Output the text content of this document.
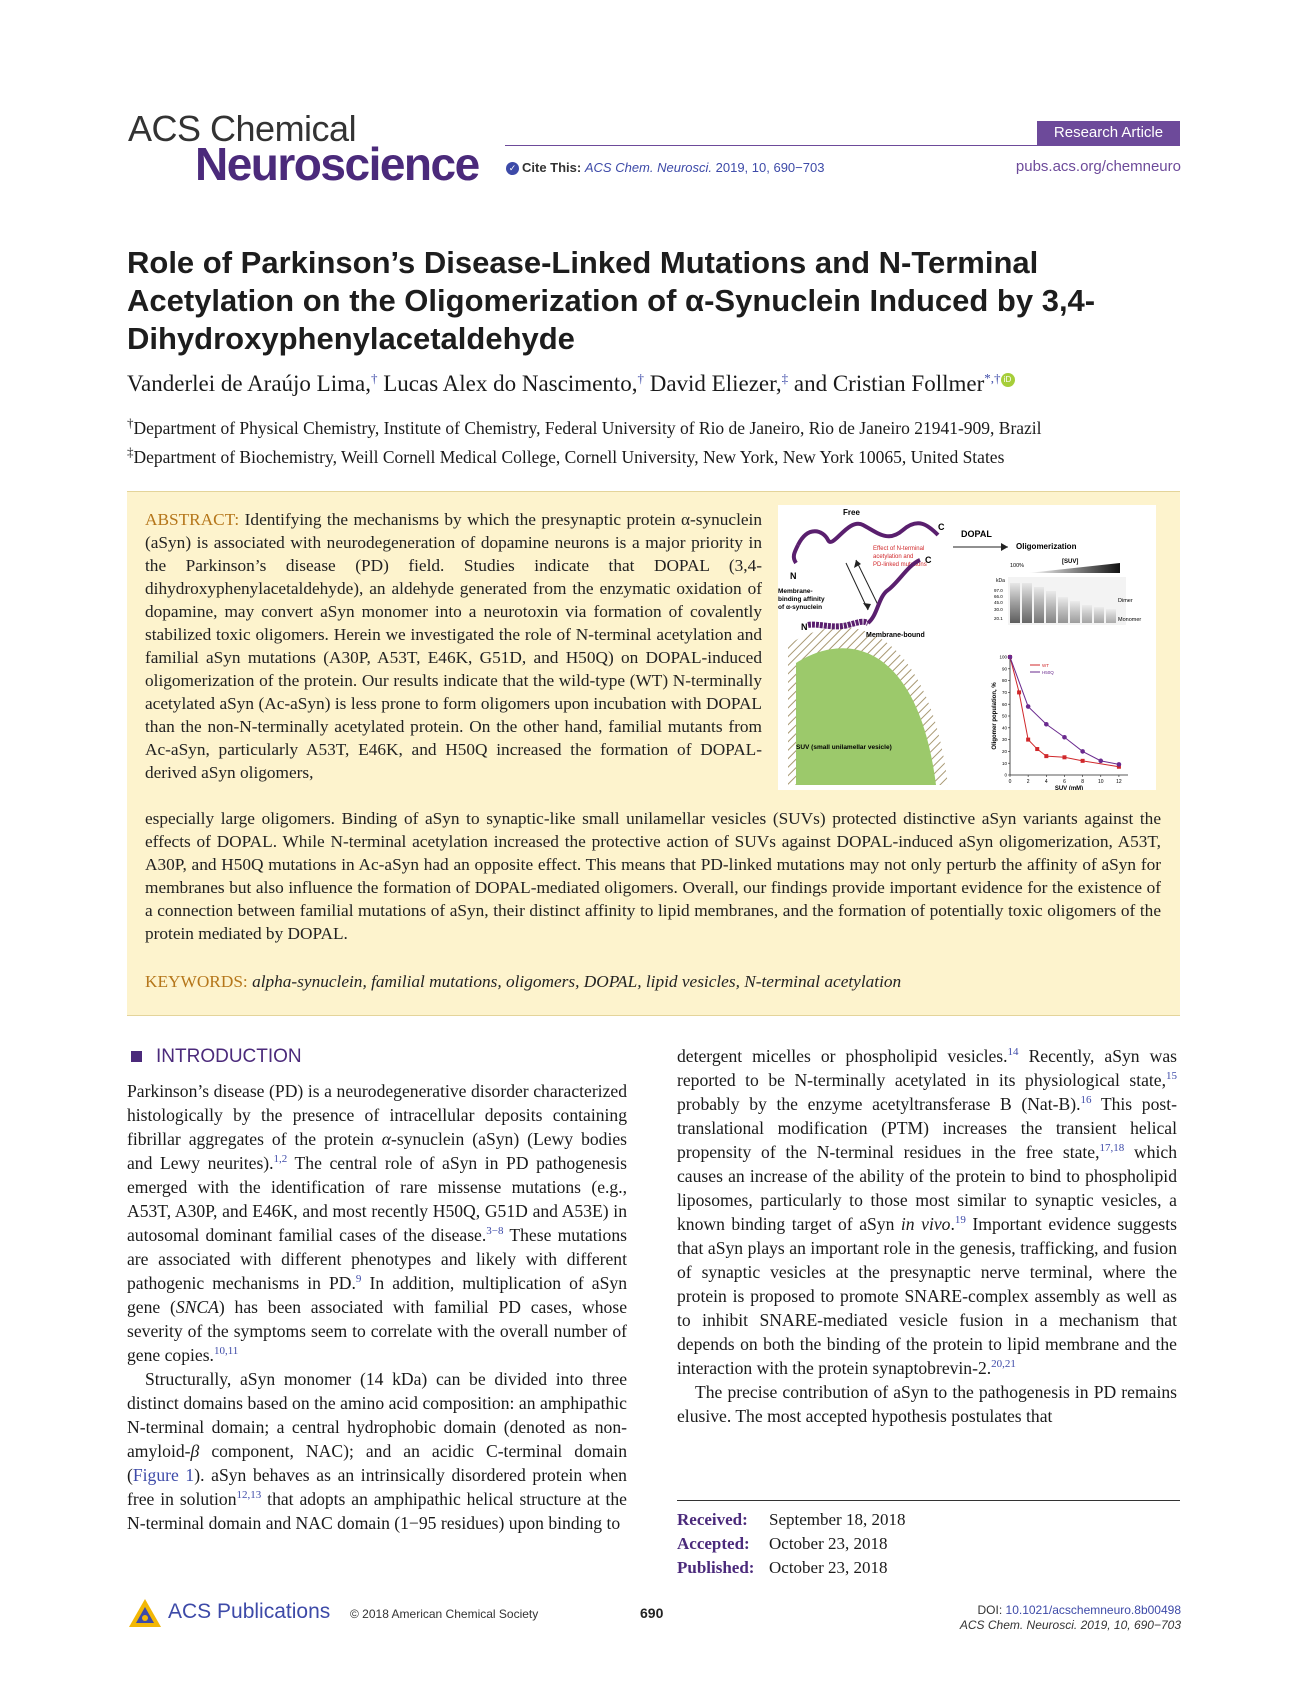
ACS Chemical
Neuroscience
Research Article
✓ Cite This: ACS Chem. Neurosci. 2019, 10, 690−703	pubs.acs.org/chemneuro
Role of Parkinson’s Disease-Linked Mutations and N-Terminal Acetylation on the Oligomerization of α-Synuclein Induced by 3,4-Dihydroxyphenylacetaldehyde
Vanderlei de Araújo Lima,† Lucas Alex do Nascimento,† David Eliezer,‡ and Cristian Follmer*,† iD
†Department of Physical Chemistry, Institute of Chemistry, Federal University of Rio de Janeiro, Rio de Janeiro 21941-909, Brazil
‡Department of Biochemistry, Weill Cornell Medical College, Cornell University, New York, New York 10065, United States
ABSTRACT: Identifying the mechanisms by which the presynaptic protein α-synuclein (aSyn) is associated with neurodegeneration of dopamine neurons is a major priority in the Parkinson’s disease (PD) field. Studies indicate that DOPAL (3,4-dihydroxyphenylacetaldehyde), an aldehyde generated from the enzymatic oxidation of dopamine, may convert aSyn monomer into a neurotoxin via formation of covalently stabilized toxic oligomers. Herein we investigated the role of N-terminal acetylation and familial aSyn mutations (A30P, A53T, E46K, G51D, and H50Q) on DOPAL-induced oligomerization of the protein. Our results indicate that the wild-type (WT) N-terminally acetylated aSyn (Ac-aSyn) is less prone to form oligomers upon incubation with DOPAL than the non-N-terminally acetylated protein. On the other hand, familial mutants from Ac-aSyn, particularly A53T, E46K, and H50Q increased the formation of DOPAL-derived aSyn oligomers,
especially large oligomers. Binding of aSyn to synaptic-like small unilamellar vesicles (SUVs) protected distinctive aSyn variants against the effects of DOPAL. While N-terminal acetylation increased the protective action of SUVs against DOPAL-induced aSyn oligomerization, A53T, A30P, and H50Q mutations in Ac-aSyn had an opposite effect. This means that PD-linked mutations may not only perturb the affinity of aSyn for membranes but also influence the formation of DOPAL-mediated oligomers. Overall, our findings provide important evidence for the existence of a connection between familial mutations of aSyn, their distinct affinity to lipid membranes, and the formation of potentially toxic oligomers of the protein mediated by DOPAL.
KEYWORDS: alpha-synuclein, familial mutations, oligomers, DOPAL, lipid vesicles, N-terminal acetylation
Free
C
N
Effect of N-terminal
acetylation and
PD-linked mutations
Membrane-
binding affinity
of α-synuclein
N
C
Membrane-bound
SUV (small unilamellar vesicle)
DOPAL
Oligomerization
100%
[SUV]
kDa
97.0
66.0
45.0
30.0
20.1
Dimer
Monomer
0	2	4	6	8	10	12
0
10
20
30
40
50
60
70
80
90
100
SUV (mM)
Oligomer population, %
WT
H50Q
INTRODUCTION

Parkinson’s disease (PD) is a neurodegenerative disorder characterized histologically by the presence of intracellular deposits containing fibrillar aggregates of the protein α-synuclein (aSyn) (Lewy bodies and Lewy neurites).$^{1,2}$ The central role of aSyn in PD pathogenesis emerged with the identification of rare missense mutations (e.g., A53T, A30P, and E46K, and most recently H50Q, G51D and A53E) in autosomal dominant familial cases of the disease.$^{3-8}$ These mutations are associated with different phenotypes and likely with different pathogenic mechanisms in PD.$^9$ In addition, multiplication of aSyn gene (SNCA) has been associated with familial PD cases, whose severity of the symptoms seem to correlate with the overall number of gene copies.$^{10,11}$

Structurally, aSyn monomer (14 kDa) can be divided into three distinct domains based on the amino acid composition: an amphipathic N-terminal domain; a central hydrophobic domain (denoted as non-amyloid-β component, NAC); and an acidic C-terminal domain (Figure 1). aSyn behaves as an intrinsically disordered protein when free in solution$^{12,13}$ that adopts an amphipathic helical structure at the N-terminal domain and NAC domain (1−95 residues) upon binding to

detergent micelles or phospholipid vesicles.$^{14}$ Recently, aSyn was reported to be N-terminally acetylated in its physiological state,$^{15}$ probably by the enzyme acetyltransferase B (Nat-B).$^{16}$ This post-translational modification (PTM) increases the transient helical propensity of the N-terminal residues in the free state,$^{17,18}$ which causes an increase of the ability of the protein to bind to phospholipid liposomes, particularly to those most similar to synaptic vesicles, a known binding target of aSyn in vivo.$^{19}$ Important evidence suggests that aSyn plays an important role in the genesis, trafficking, and fusion of synaptic vesicles at the presynaptic nerve terminal, where the protein is proposed to promote SNARE-complex assembly as well as to inhibit SNARE-mediated vesicle fusion in a mechanism that depends on both the binding of the protein to lipid membrane and the interaction with the protein synaptobrevin-2.$^{20,21}$

The precise contribution of aSyn to the pathogenesis in PD remains elusive. The most accepted hypothesis postulates that

Received: September 18, 2018
Accepted: October 23, 2018
Published: October 23, 2018
ACS Publications © 2018 American Chemical Society	690	DOI: 10.1021/acschemneuro.8b00498
ACS Chem. Neurosci. 2019, 10, 690−703
